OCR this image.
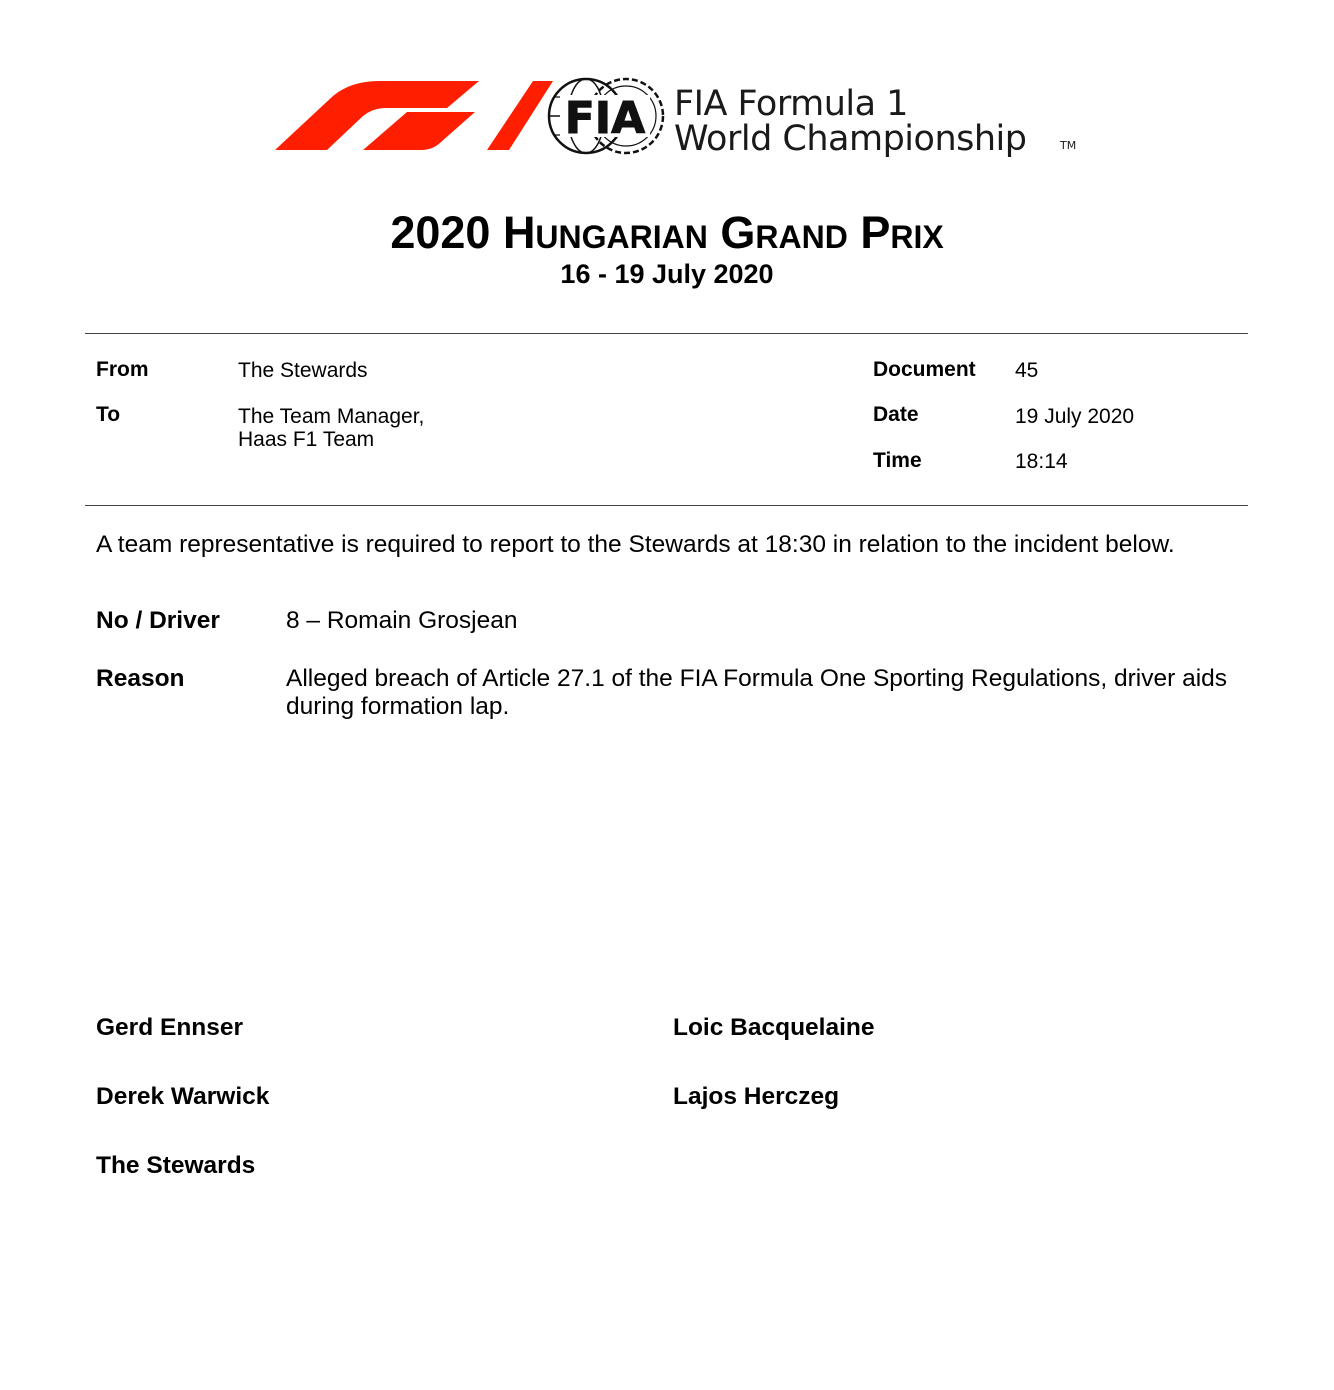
FIA FIA Formula 1
World Championship	TM
2020 Hungarian Grand Prix
16 - 19 July 2020
From	The Stewards
To	The Team Manager,
Haas F1 Team
Document 45
Date	19 July 2020
Time	18:14
A team representative is required to report to the Stewards at 18:30 in relation to the incident below.
No / Driver	8 – Romain Grosjean
Reason	Alleged breach of Article 27.1 of the FIA Formula One Sporting Regulations, driver aids during formation lap.
Gerd Ennser	Loic Bacquelaine
Derek Warwick	Lajos Herczeg
The Stewards
